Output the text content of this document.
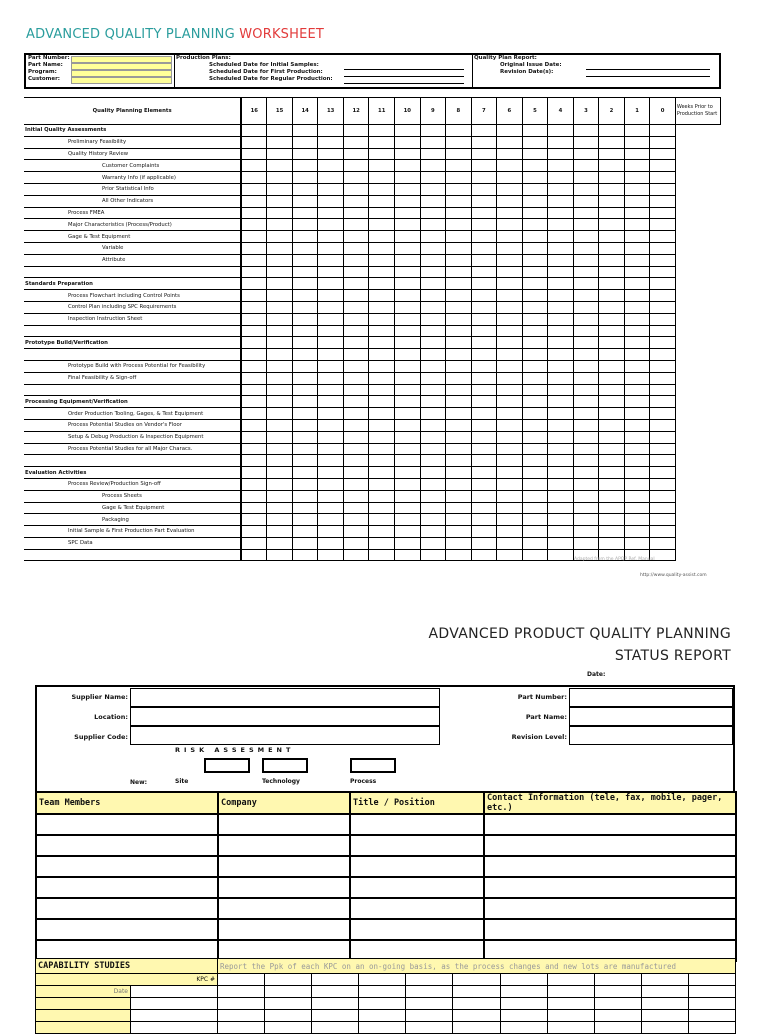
ADVANCED QUALITY PLANNING WORKSHEET
Part Number:
Part Name:
Program:
Customer:
Production Plans:
Scheduled Date for Initial Samples:
Scheduled Date for First Production:
Scheduled Date for Regular Production:
Quality Plan Report:
Original Issue Date:
Revision Date(s):
Quality Planning Elements	16	15	14	13	12	11	10	9	8	7	6	5	4	3	2	1	0	Weeks Prior to Production Start
Initial Quality Assessments																		
Preliminary Feasibility																		
Quality History Review																		
Customer Complaints																		
Warranty Info (if applicable)																		
Prior Statistical Info																		
All Other Indicators																		
Process FMEA																		
Major Characteristics (Process/Product)																		
Gage & Test Equipment																		
Variable																		
Attribute																		

Standards Preparation																		
Process Flowchart including Control Points																		
Control Plan including SPC Requirements																		
Inspection Instruction Sheet																		

Prototype Build/Verification																		

Prototype Build with Process Potential for Feasibility																		
Final Feasibility & Sign-off																		

Processing Equipment/Verification																		
Order Production Tooling, Gages, & Test Equipment																		
Process Potential Studies on Vendor's Floor																		
Setup & Debug Production & Inspection Equipment																		
Process Potential Studies for all Major Characs.																		

Evaluation Activities																		
Process Review/Production Sign-off																		
Process Sheets																		
Gage & Test Equipment																		
Packaging																		
Initial Sample & First Production Part Evaluation																		
SPC Data																		

Adapted from the APQP Ref. Manual
http://www.quality-assist.com
ADVANCED PRODUCT QUALITY PLANNING
STATUS REPORT
Date:
Supplier Name:
Location:
Supplier Code:
Part Number:
Part Name:
Revision Level:
RISK ASSESMENT
New:	Site	Technology	Process
Team Members	Company	Title / Position	Contact Information (tele, fax, mobile, pager, etc.)

CAPABILITY STUDIES		Report the Ppk of each KPC on an on-going basis, as the process changes and new lots are manufactured										
KPC #												
Date												
